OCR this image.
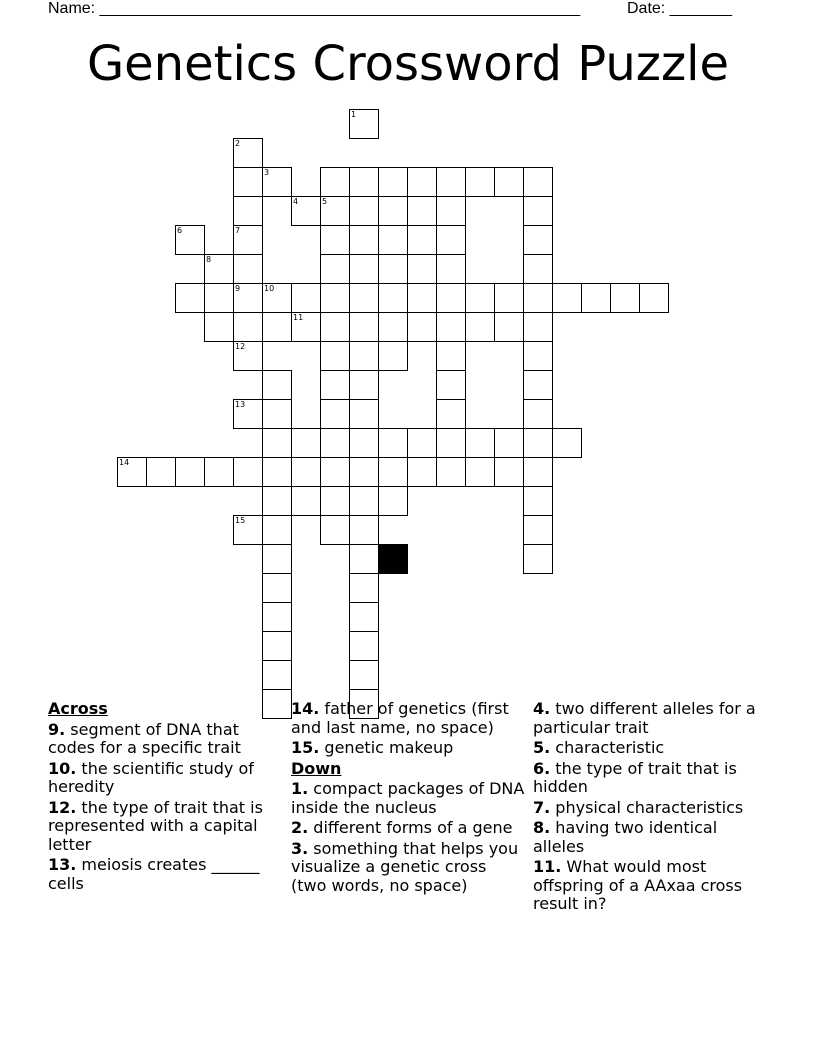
Name: ______________________________________________________	Date: _______
Genetics Crossword Puzzle
2
7
9
5
14
10
11
1
3
4
6
8
12
13
15
Across
9. segment of DNA that codes for a specific trait
10. the scientific study of heredity
12. the type of trait that is represented with a capital letter
13. meiosis creates ______ cells
14. father of genetics (first and last name, no space)
15. genetic makeup
Down
1. compact packages of DNA inside the nucleus
2. different forms of a gene
3. something that helps you visualize a genetic cross (two words, no space)
4. two different alleles for a particular trait
5. characteristic
6. the type of trait that is hidden
7. physical characteristics
8. having two identical alleles
11. What would most offspring of a AAxaa cross result in?
